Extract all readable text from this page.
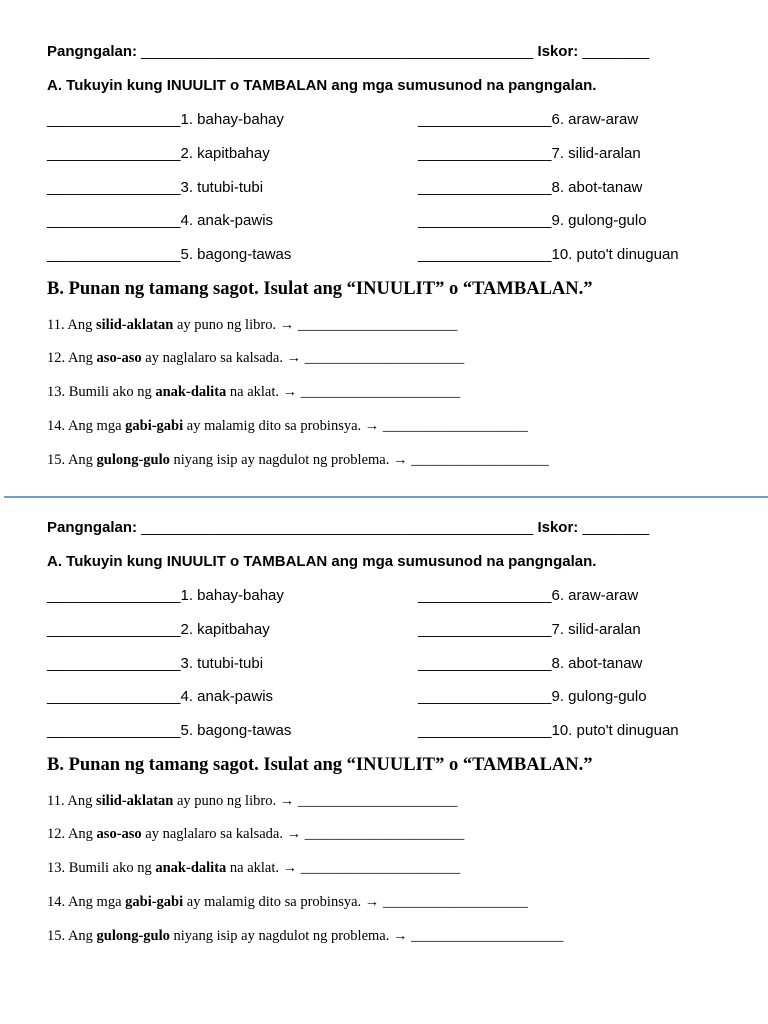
Pangngalan: _______________________________________________ Iskor: ________
A. Tukuyin kung INUULIT o TAMBALAN ang mga sumusunod na pangngalan.
________________1. bahay-bahay
________________2. kapitbahay
________________3. tutubi-tubi
________________4. anak-pawis
________________5. bagong-tawas
________________6. araw-araw
________________7. silid-aralan
________________8. abot-tanaw
________________9. gulong-gulo
________________10. puto't dinuguan
B. Punan ng tamang sagot. Isulat ang “INUULIT” o “TAMBALAN.”
11. Ang silid-aklatan ay puno ng libro. → ______________________
12. Ang aso-aso ay naglalaro sa kalsada. → ______________________
13. Bumili ako ng anak-dalita na aklat. → ______________________
14. Ang mga gabi-gabi ay malamig dito sa probinsya. → ____________________
15. Ang gulong-gulo niyang isip ay nagdulot ng problema. → ___________________
Pangngalan: _______________________________________________ Iskor: ________
A. Tukuyin kung INUULIT o TAMBALAN ang mga sumusunod na pangngalan.
________________1. bahay-bahay
________________2. kapitbahay
________________3. tutubi-tubi
________________4. anak-pawis
________________5. bagong-tawas
________________6. araw-araw
________________7. silid-aralan
________________8. abot-tanaw
________________9. gulong-gulo
________________10. puto't dinuguan
B. Punan ng tamang sagot. Isulat ang “INUULIT” o “TAMBALAN.”
11. Ang silid-aklatan ay puno ng libro. → ______________________
12. Ang aso-aso ay naglalaro sa kalsada. → ______________________
13. Bumili ako ng anak-dalita na aklat. → ______________________
14. Ang mga gabi-gabi ay malamig dito sa probinsya. → ____________________
15. Ang gulong-gulo niyang isip ay nagdulot ng problema. → _____________________
